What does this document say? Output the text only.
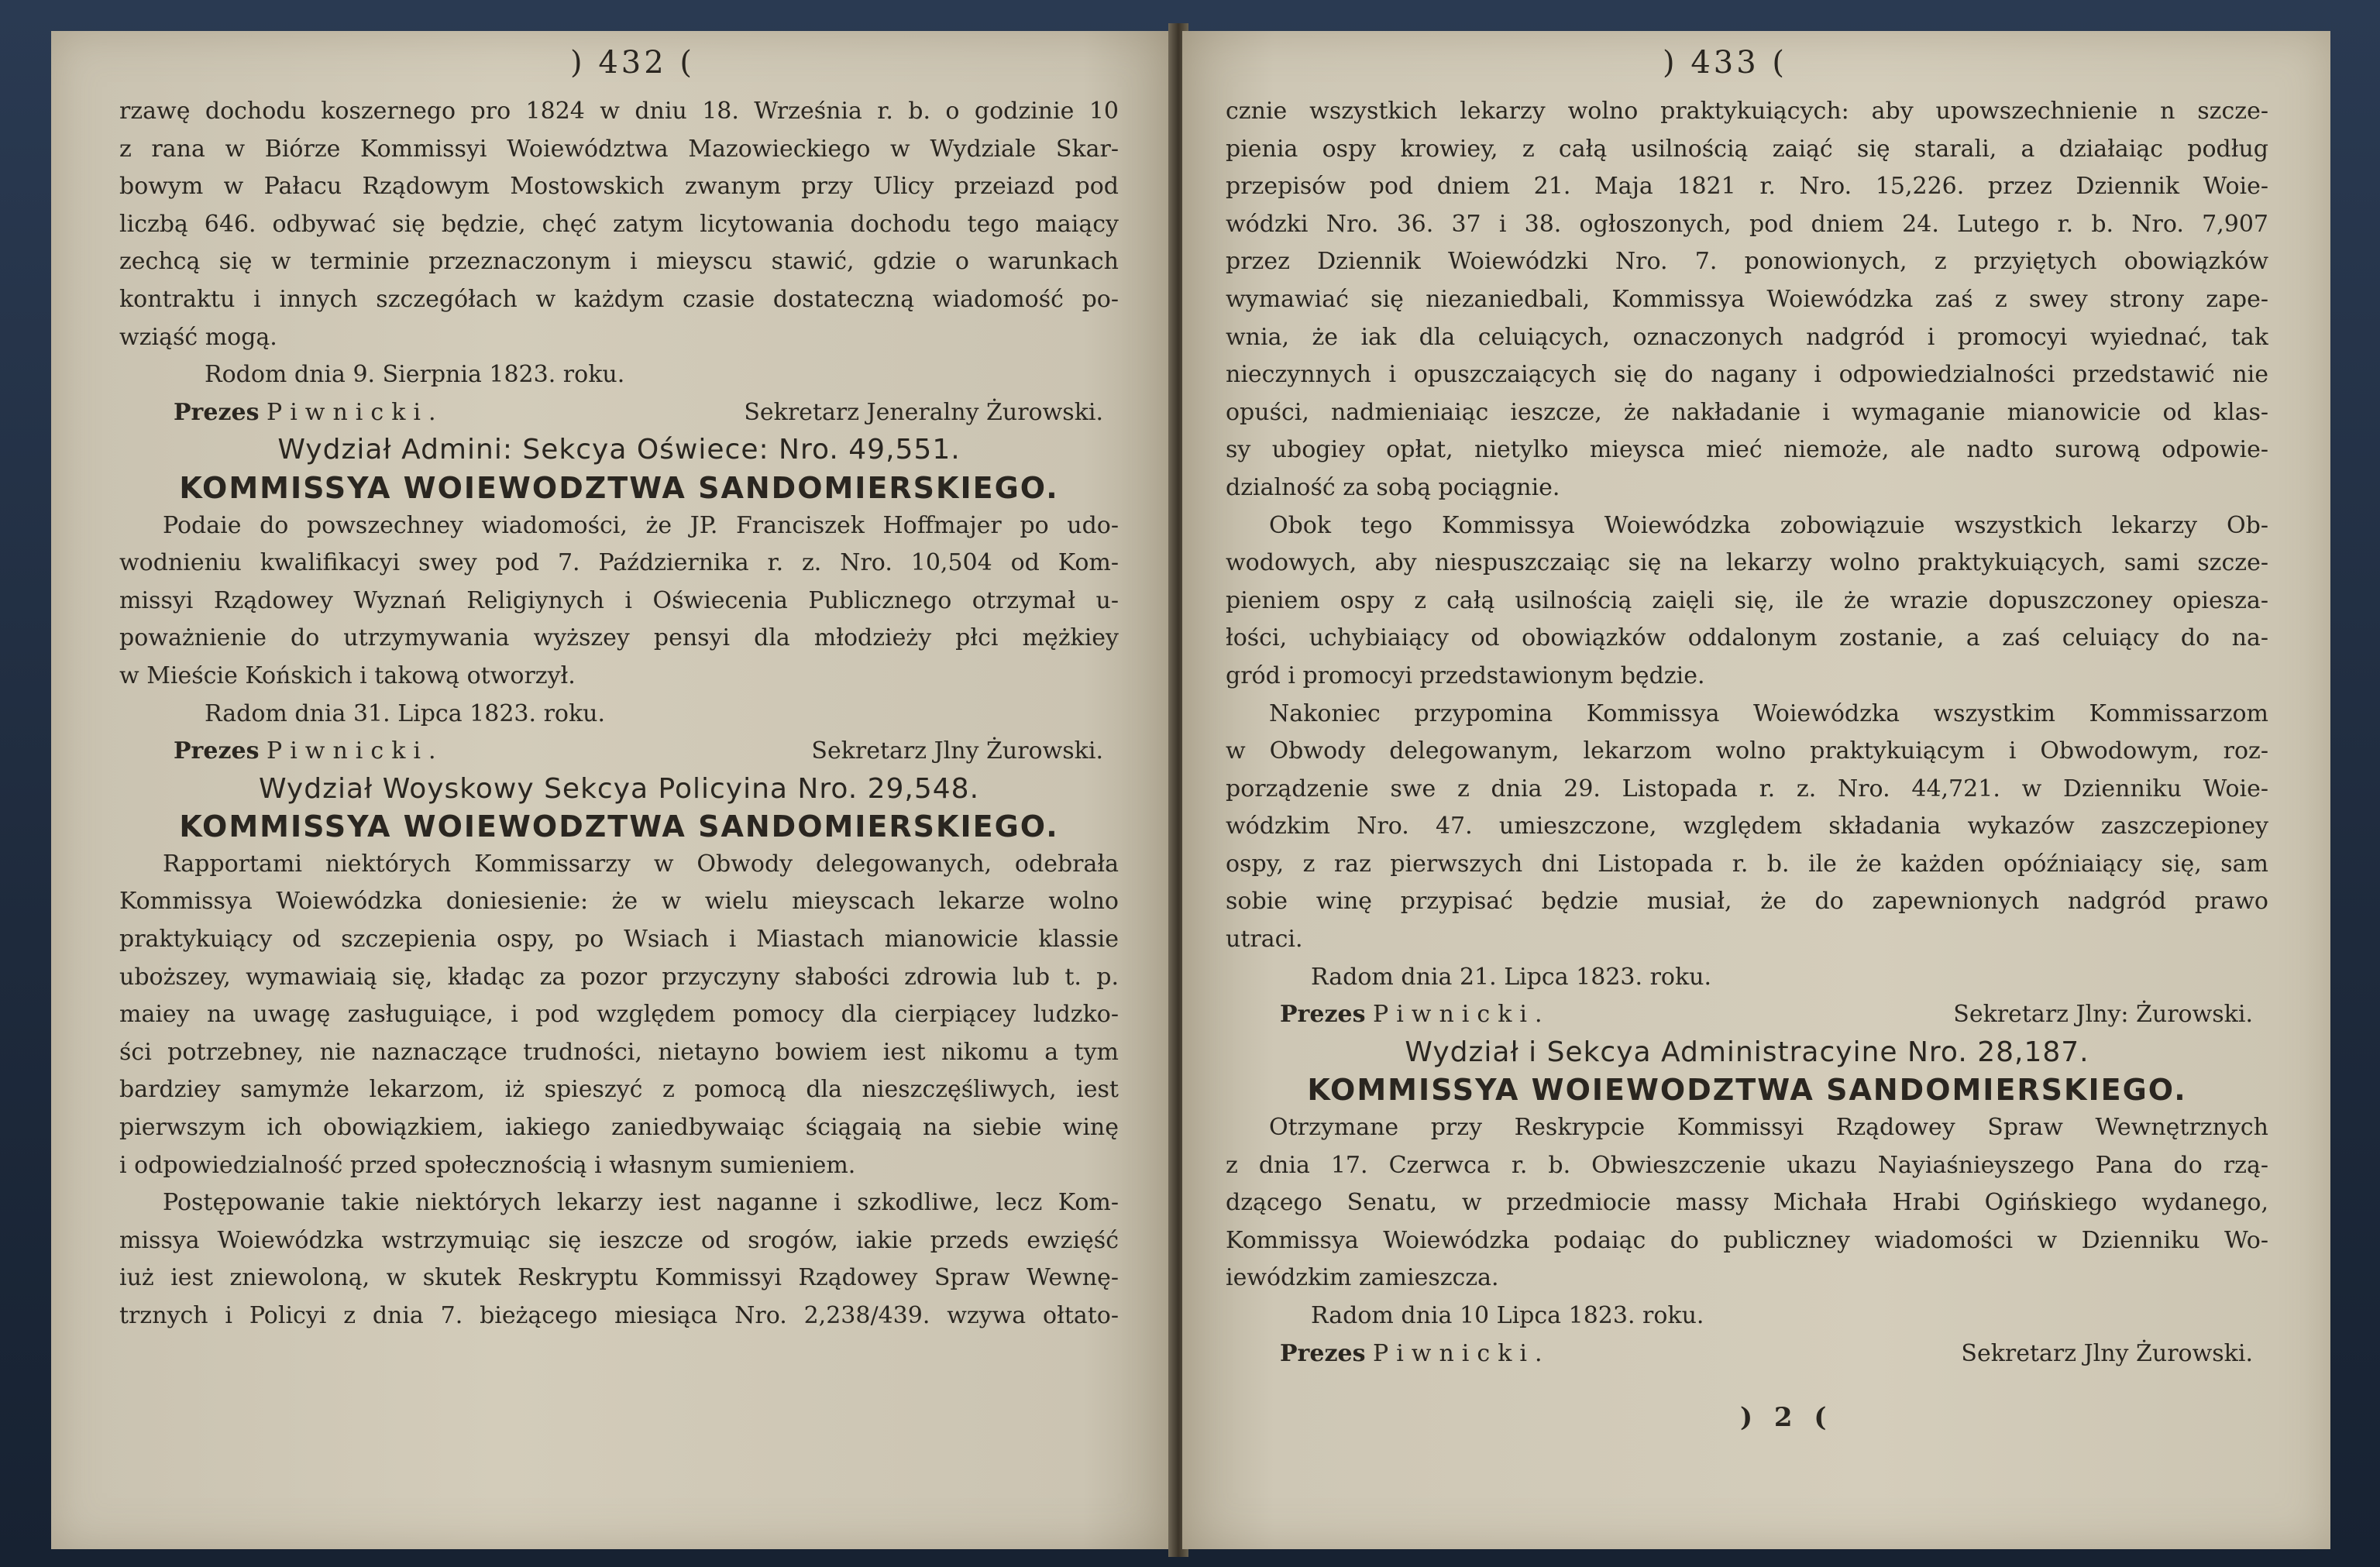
) 432 (
rzawę dochodu koszernego pro 1824 w dniu 18. Września r. b. o godzinie 10
z rana w Biórze Kommissyi Woiewództwa Mazowieckiego w Wydziale Skar-
bowym w Pałacu Rządowym Mostowskich zwanym przy Ulicy przeiazd pod
liczbą 646. odbywać się będzie, chęć zatym licytowania dochodu tego maiący
zechcą się w terminie przeznaczonym i mieyscu stawić, gdzie o warunkach
kontraktu i innych szczegółach w każdym czasie dostateczną wiadomość po-
wziąść mogą.
Rodom dnia 9. Sierpnia 1823. roku.
Prezes Piwnicki.	Sekretarz Jeneralny Żurowski.
Wydział Admini: Sekcya Oświece: Nro. 49,551.
KOMMISSYA WOIEWODZTWA SANDOMIERSKIEGO.
Podaie do powszechney wiadomości, że JP. Franciszek Hoffmajer po udo-
wodnieniu kwalifikacyi swey pod 7. Października r. z. Nro. 10,504 od Kom-
missyi Rządowey Wyznań Religiynych i Oświecenia Publicznego otrzymał u-
poważnienie do utrzymywania wyższey pensyi dla młodzieży płci mężkiey
w Mieście Końskich i takową otworzył.
Radom dnia 31. Lipca 1823. roku.
Prezes Piwnicki.	Sekretarz Jlny Żurowski.
Wydział Woyskowy Sekcya Policyina Nro. 29,548.
KOMMISSYA WOIEWODZTWA SANDOMIERSKIEGO.
Rapportami niektórych Kommissarzy w Obwody delegowanych, odebrała
Kommissya Woiewódzka doniesienie: że w wielu mieyscach lekarze wolno
praktykuiący od szczepienia ospy, po Wsiach i Miastach mianowicie klassie
uboższey, wymawiaią się, kładąc za pozor przyczyny słabości zdrowia lub t. p.
maiey na uwagę zasługuiące, i pod względem pomocy dla cierpiącey ludzko-
ści potrzebney, nie naznaczące trudności, nietayno bowiem iest nikomu a tym
bardziey samymże lekarzom, iż spieszyć z pomocą dla nieszczęśliwych, iest
pierwszym ich obowiązkiem, iakiego zaniedbywaiąc ściągaią na siebie winę
i odpowiedzialność przed społecznością i własnym sumieniem.
Postępowanie takie niektórych lekarzy iest naganne i szkodliwe, lecz Kom-
missya Woiewódzka wstrzymuiąc się ieszcze od srogów, iakie przeds ewzięść
iuż iest zniewoloną, w skutek Reskryptu Kommissyi Rządowey Spraw Wewnę-
trznych i Policyi z dnia 7. bieżącego miesiąca Nro. 2,238/439. wzywa ołtato-
) 433 (
cznie wszystkich lekarzy wolno praktykuiących: aby upowszechnienie n szcze-
pienia ospy krowiey, z całą usilnością zaiąć się starali, a działaiąc podług
przepisów pod dniem 21. Maja 1821 r. Nro. 15,226. przez Dziennik Woie-
wódzki Nro. 36. 37 i 38. ogłoszonych, pod dniem 24. Lutego r. b. Nro. 7,907
przez Dziennik Woiewódzki Nro. 7. ponowionych, z przyiętych obowiązków
wymawiać się niezaniedbali, Kommissya Woiewódzka zaś z swey strony zape-
wnia, że iak dla celuiących, oznaczonych nadgród i promocyi wyiednać, tak
nieczynnych i opuszczaiących się do nagany i odpowiedzialności przedstawić nie
opuści, nadmieniaiąc ieszcze, że nakładanie i wymaganie mianowicie od klas-
sy ubogiey opłat, nietylko mieysca mieć niemoże, ale nadto surową odpowie-
dzialność za sobą pociągnie.
Obok tego Kommissya Woiewódzka zobowiązuie wszystkich lekarzy Ob-
wodowych, aby niespuszczaiąc się na lekarzy wolno praktykuiących, sami szcze-
pieniem ospy z całą usilnością zaięli się, ile że wrazie dopuszczoney opiesza-
łości, uchybiaiący od obowiązków oddalonym zostanie, a zaś celuiący do na-
gród i promocyi przedstawionym będzie.
Nakoniec przypomina Kommissya Woiewódzka wszystkim Kommissarzom
w Obwody delegowanym, lekarzom wolno praktykuiącym i Obwodowym, roz-
porządzenie swe z dnia 29. Listopada r. z. Nro. 44,721. w Dzienniku Woie-
wódzkim Nro. 47. umieszczone, względem składania wykazów zaszczepioney
ospy, z raz pierwszych dni Listopada r. b. ile że każden opóźniaiący się, sam
sobie winę przypisać będzie musiał, że do zapewnionych nadgród prawo
utraci.
Radom dnia 21. Lipca 1823. roku.
Prezes Piwnicki.	Sekretarz Jlny: Żurowski.
Wydział i Sekcya Administracyine Nro. 28,187.
KOMMISSYA WOIEWODZTWA SANDOMIERSKIEGO.
Otrzymane przy Reskrypcie Kommissyi Rządowey Spraw Wewnętrznych
z dnia 17. Czerwca r. b. Obwieszczenie ukazu Nayiaśnieyszego Pana do rzą-
dzącego Senatu, w przedmiocie massy Michała Hrabi Ogińskiego wydanego,
Kommissya Woiewódzka podaiąc do publiczney wiadomości w Dzienniku Wo-
iewódzkim zamieszcza.
Radom dnia 10 Lipca 1823. roku.
Prezes Piwnicki.	Sekretarz Jlny Żurowski.
) 2 (
